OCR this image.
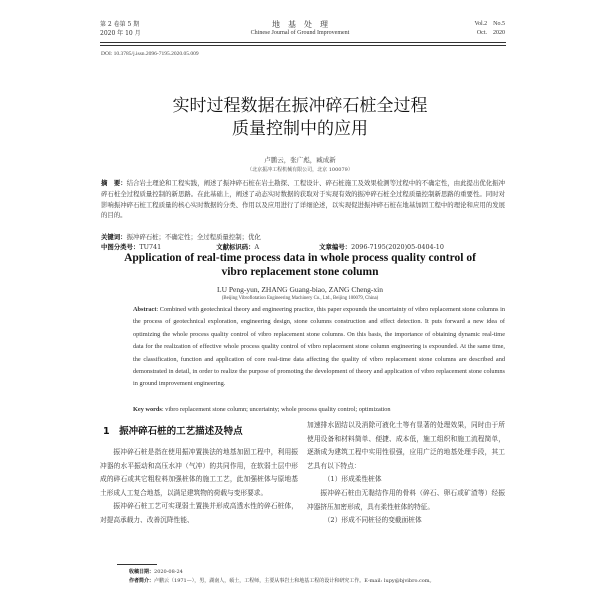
第 2 卷第 5 期
2020 年 10 月
地　基　处　理
Chinese Journal of Ground Improvement
Vol.2　No.5
Oct.　2020
DOI: 10.3785/j.issn.2096-7195.2020.05.009
实时过程数据在振冲碎石桩全过程
质量控制中的应用
卢鹏云，张广彪，臧成新
（北京振冲工程机械有限公司，北京 100079）
摘　要：结合岩土理论和工程实践，阐述了振冲碎石桩在岩土勘探、工程设计、碎石桩施工及效果检测等过程中的不确定性，由此提出优化振冲碎石桩全过程质量控制的新思路。在此基础上，阐述了动态实时数据的获取对于实现有效的振冲碎石桩全过程质量控制新思路的重要性。同时对影响振冲碎石桩工程质量的核心实时数据的分类、作用以及应用进行了详细论述，以实现促进振冲碎石桩在地基加固工程中的理论和应用的发展的目的。
关键词：振冲碎石桩；不确定性；全过程质量控制；优化
中图分类号：TU741	文献标识码：A	文章编号：2096-7195(2020)05-0404-10
Application of real-time process data in whole process quality control of
vibro replacement stone column
LU Peng-yun, ZHANG Guang-biao, ZANG Cheng-xin
(Beijing Vibroflotation Engineering Machinery Co., Ltd., Beijing 100079, China)
Abstract: Combined with geotechnical theory and engineering practice, this paper expounds the uncertainty of vibro replacement stone columns in the process of geotechnical exploration, engineering design, stone columns construction and effect detection. It puts forward a new idea of optimizing the whole process quality control of vibro replacement stone columns. On this basis, the importance of obtaining dynamic real-time data for the realization of effective whole process quality control of vibro replacement stone column engineering is expounded. At the same time, the classification, function and application of core real-time data affecting the quality of vibro replacement stone columns are described and demonstrated in detail, in order to realize the purpose of promoting the development of theory and application of vibro replacement stone columns in ground improvement engineering.
Key words: vibro replacement stone column; uncertainty; whole process quality control; optimization
1　振冲碎石桩的工艺描述及特点

振冲碎石桩是指在使用振冲置换法的地基加固工程中，利用振冲器的水平振动和高压水冲（气冲）的共同作用，在软弱土层中形成的碎石或其它粗粒料加强桩体的施工工艺，此加强桩体与原地基土形成人工复合地基，以满足建筑物的荷载与变形要求。

振冲碎石桩工艺可实现弱土置换并形成高透水性的碎石桩体，对提高承载力、改善沉降性能、

加速排水固结以及消除可液化土等有显著的处理效果，同时由于所使用设备和材料简单、便捷、成本低，施工组织和施工流程简单，逐渐成为建筑工程中实用性很强，应用广泛的地基处理手段，其工艺具有以下特点：

（1）形成柔性桩体

振冲碎石桩由无黏结作用的骨料（碎石、卵石或矿渣等）经振冲器挤压加密形成，具有柔性桩体的特征。

（2）形成不同桩径的变截面桩体

收稿日期：2020-08-24
作者简介：卢鹏云（1971—），男，湖南人，硕士，工程师，主要从事岩土和地基工程的设计和研究工作。E-mail: lupy@bjvibro.com。
